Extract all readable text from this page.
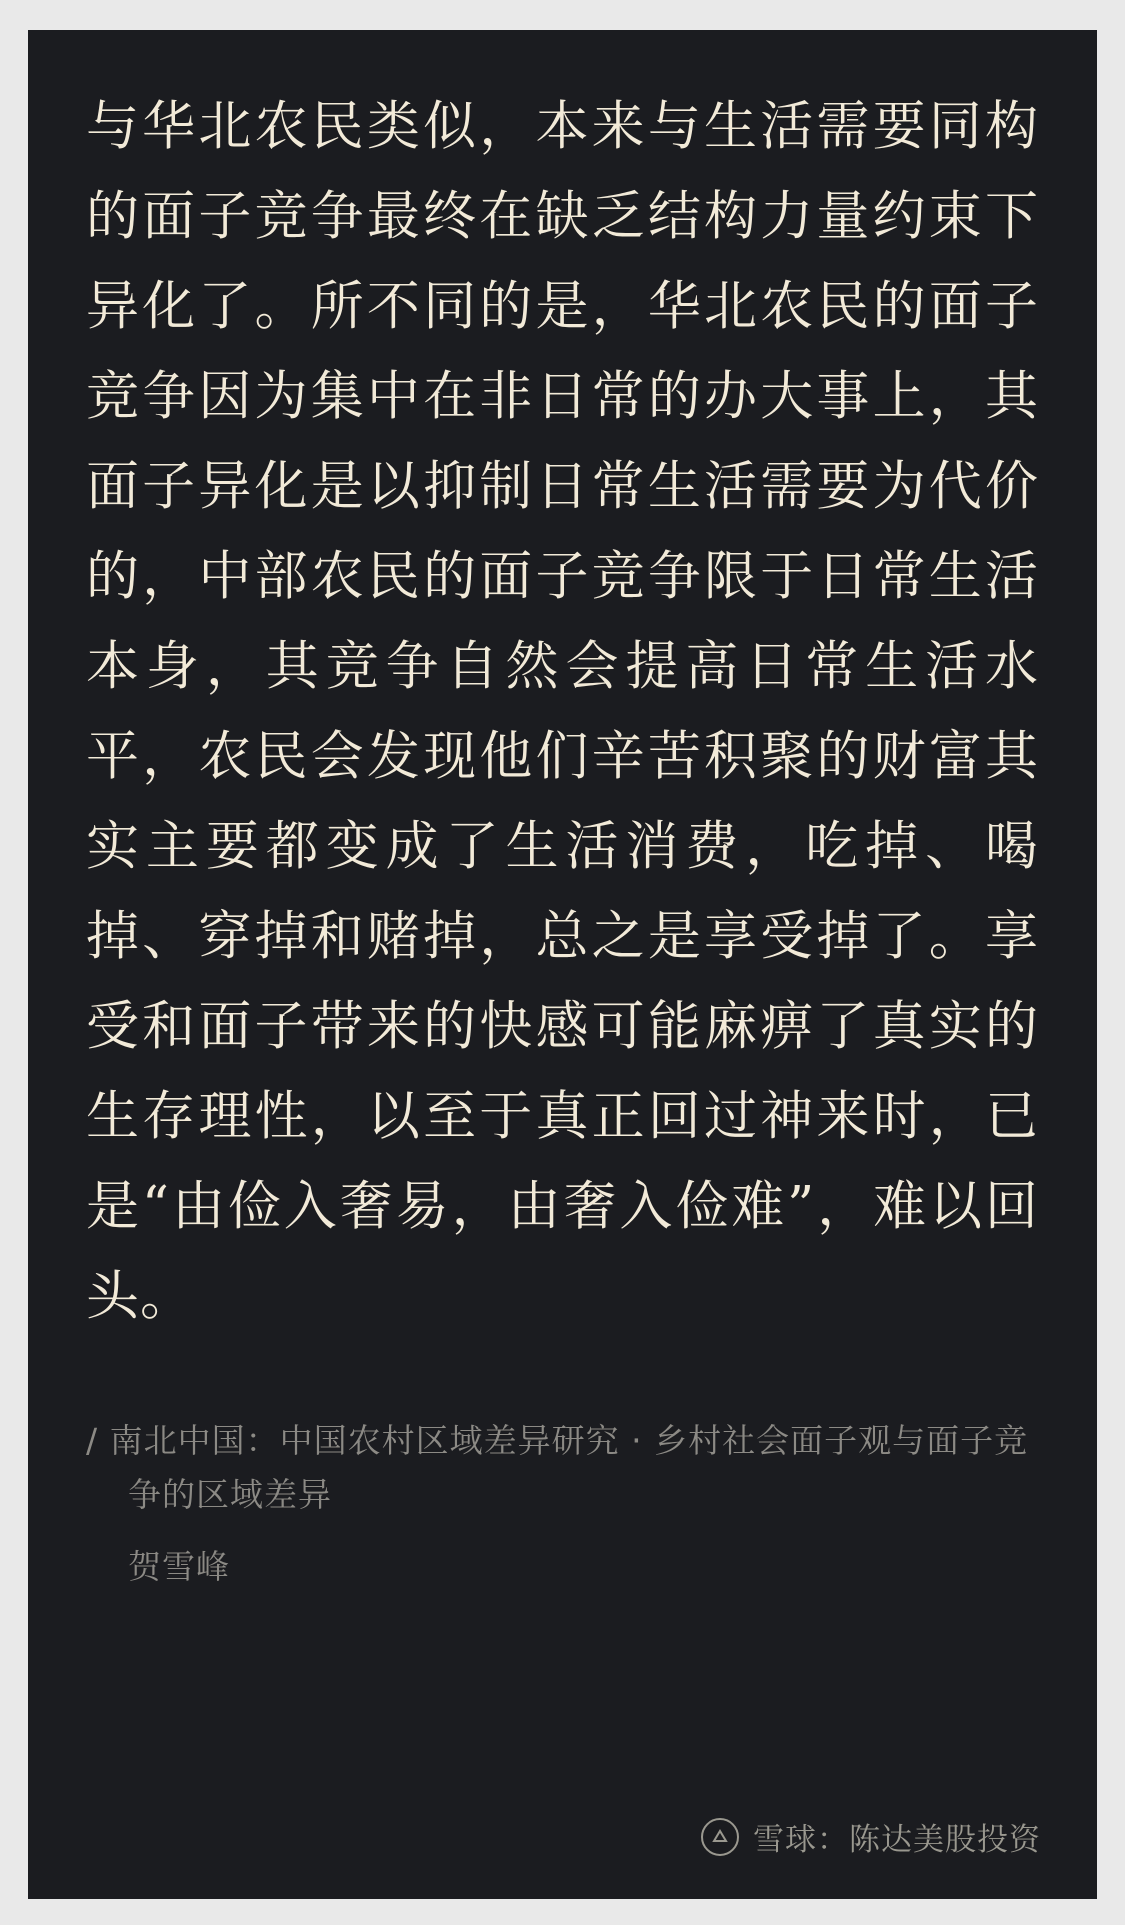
与华北农民类似，本来与生活需要同构的面子竞争最终在缺乏结构力量约束下异化了。所不同的是，华北农民的面子竞争因为集中在非日常的办大事上，其面子异化是以抑制日常生活需要为代价的，中部农民的面子竞争限于日常生活本身，其竞争自然会提高日常生活水平，农民会发现他们辛苦积聚的财富其实主要都变成了生活消费，吃掉、喝掉、穿掉和赌掉，总之是享受掉了。享受和面子带来的快感可能麻痹了真实的生存理性，以至于真正回过神来时，已是“由俭入奢易，由奢入俭难”，难以回头。

/ 南北中国：中国农村区域差异研究 · 乡村社会面子观与面子竞争的区域差异
贺雪峰
雪球：陈达美股投资
